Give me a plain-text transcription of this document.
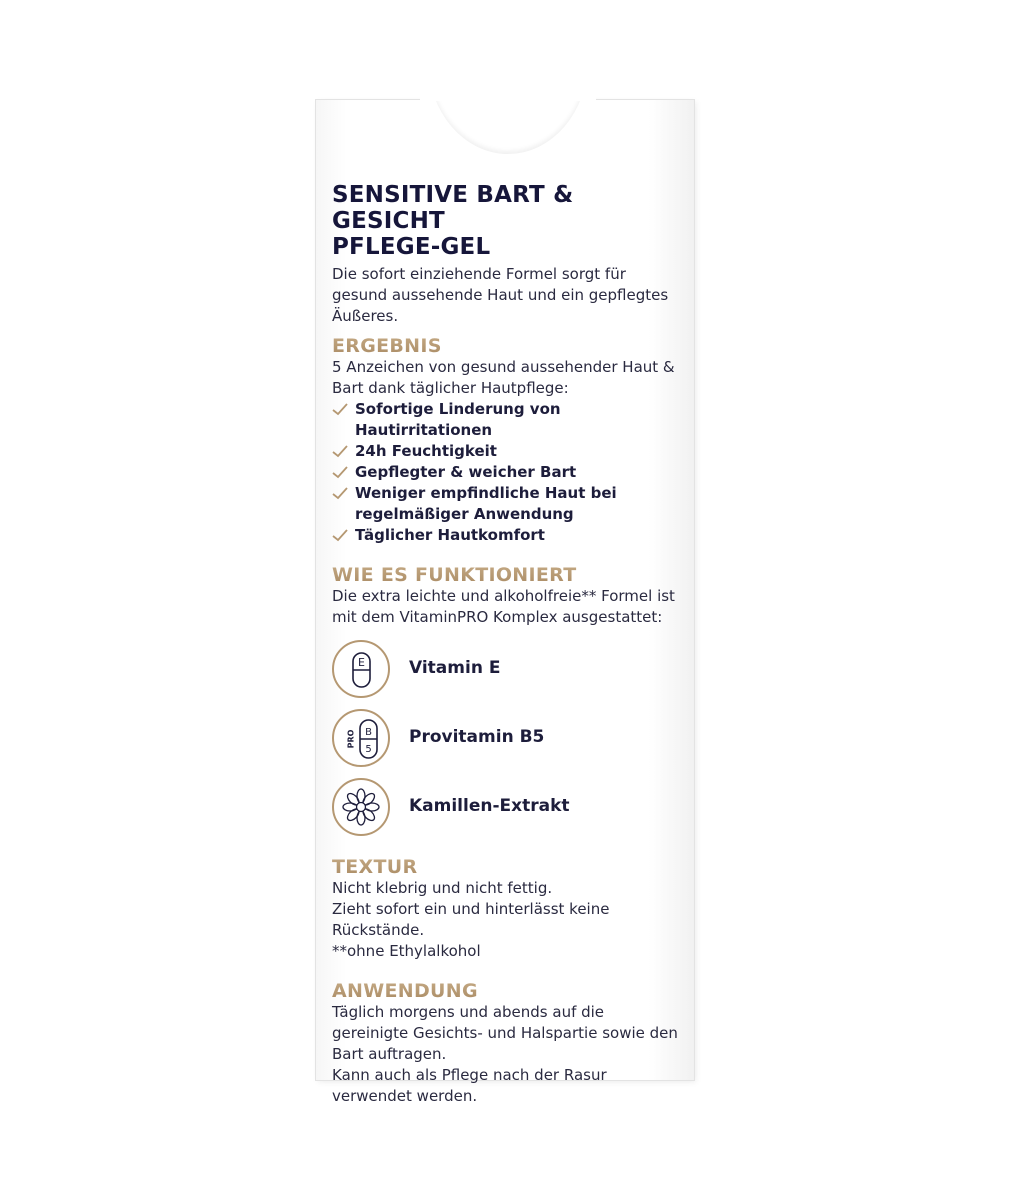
SENSITIVE BART & GESICHT
PFLEGE-GEL

Die sofort einziehende Formel sorgt für
gesund aussehende Haut und ein gepflegtes
Äußeres.

ERGEBNIS

5 Anzeichen von gesund aussehender Haut &
Bart dank täglicher Hautpflege:

Sofortige Linderung von Hautirritationen
24h Feuchtigkeit
Gepflegter & weicher Bart
Weniger empfindliche Haut bei regelmäßiger Anwendung
Täglicher Hautkomfort
WIE ES FUNKTIONIERT

Die extra leichte und alkoholfreie** Formel ist
mit dem VitaminPRO Komplex ausgestattet:

E	Vitamin E
B
5
PRO	Provitamin B5
Kamillen-Extrakt
TEXTUR

Nicht klebrig und nicht fettig.
Zieht sofort ein und hinterlässt keine
Rückstände.
**ohne Ethylalkohol

ANWENDUNG

Täglich morgens und abends auf die
gereinigte Gesichts- und Halspartie sowie den
Bart auftragen.
Kann auch als Pflege nach der Rasur
verwendet werden.
